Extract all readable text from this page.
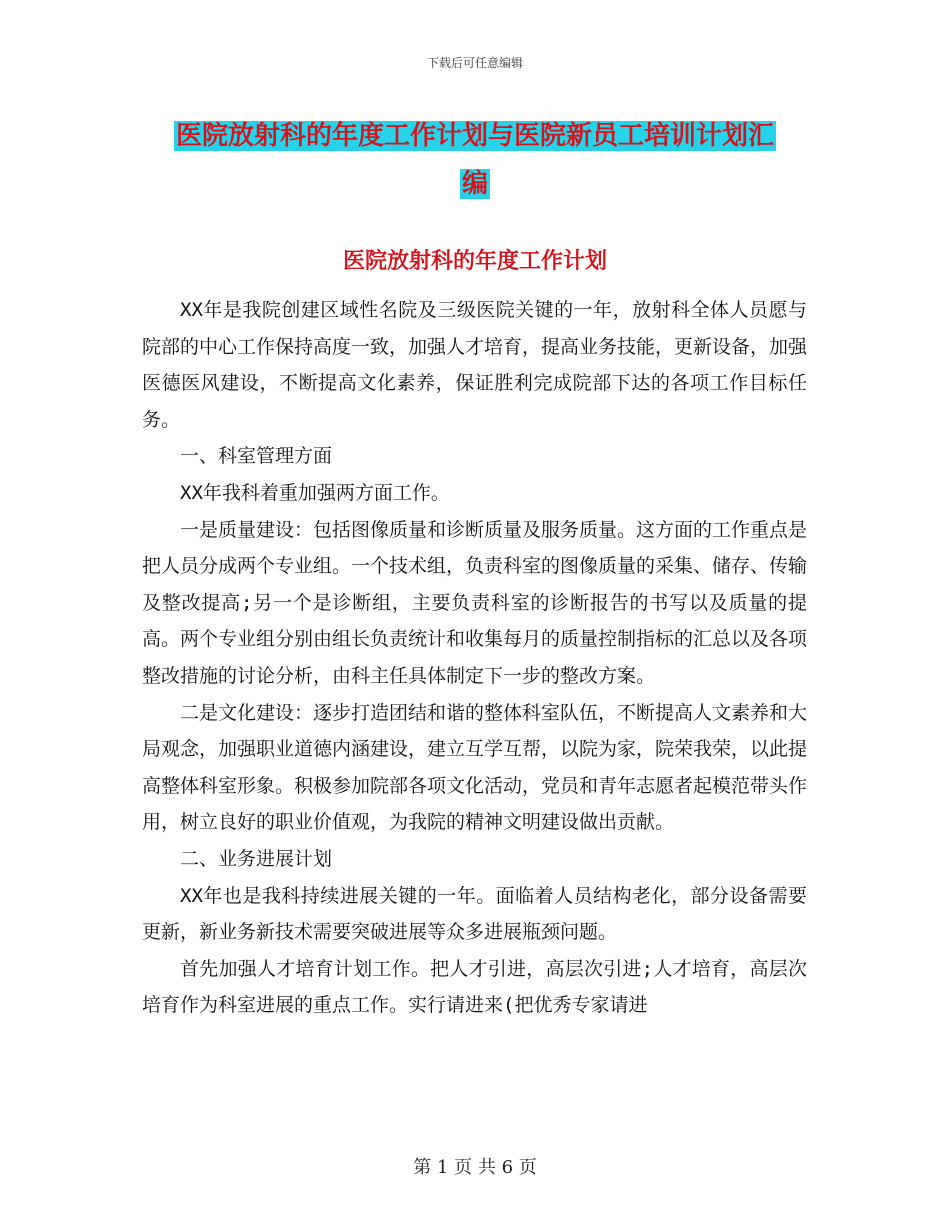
下载后可任意编辑
医院放射科的年度工作计划与医院新员工培训计划汇
编
医院放射科的年度工作计划

XX年是我院创建区域性名院及三级医院关键的一年，放射科全体人员愿与院部的中心工作保持高度一致，加强人才培育，提高业务技能，更新设备，加强医德医风建设，不断提高文化素养，保证胜利完成院部下达的各项工作目标任务。

一、科室管理方面

XX年我科着重加强两方面工作。

一是质量建设：包括图像质量和诊断质量及服务质量。这方面的工作重点是把人员分成两个专业组。一个技术组，负责科室的图像质量的采集、储存、传输及整改提高;另一个是诊断组，主要负责科室的诊断报告的书写以及质量的提高。两个专业组分别由组长负责统计和收集每月的质量控制指标的汇总以及各项整改措施的讨论分析，由科主任具体制定下一步的整改方案。

二是文化建设：逐步打造团结和谐的整体科室队伍，不断提高人文素养和大局观念，加强职业道德内涵建设，建立互学互帮，以院为家，院荣我荣，以此提高整体科室形象。积极参加院部各项文化活动，党员和青年志愿者起模范带头作用，树立良好的职业价值观，为我院的精神文明建设做出贡献。

二、业务进展计划

XX年也是我科持续进展关键的一年。面临着人员结构老化，部分设备需要更新，新业务新技术需要突破进展等众多进展瓶颈问题。

首先加强人才培育计划工作。把人才引进，高层次引进;人才培育，高层次培育作为科室进展的重点工作。实行请进来(把优秀专家请进

第 1 页 共 6 页
